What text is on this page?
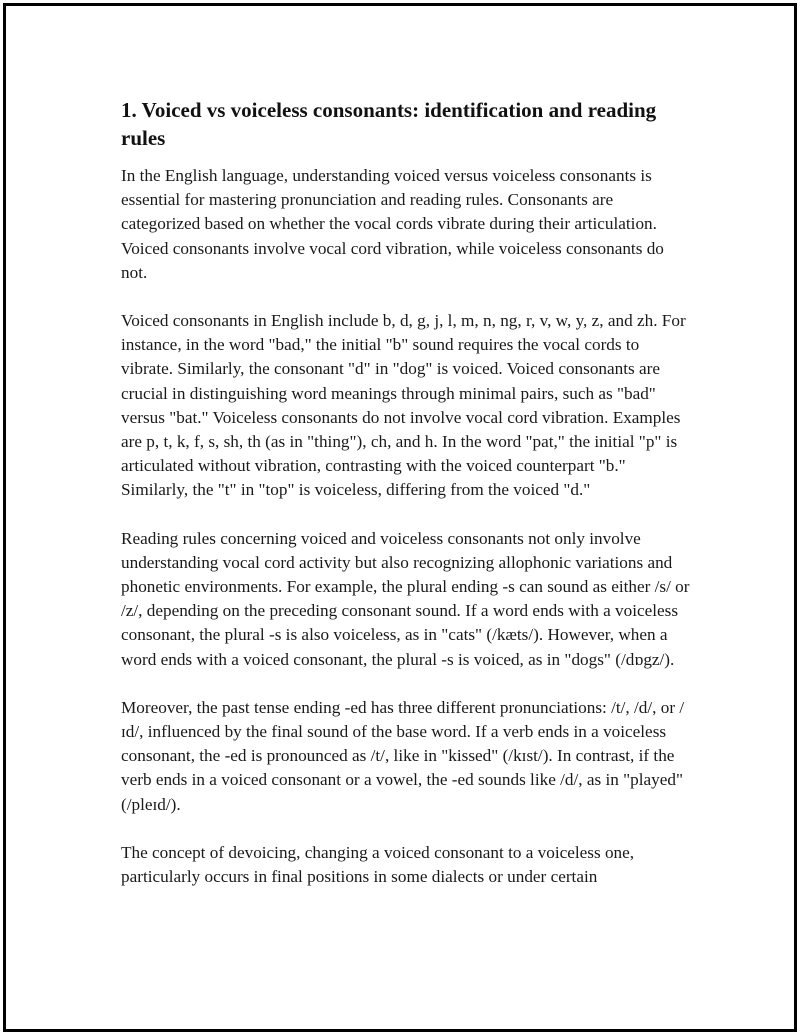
1. Voiced vs voiceless consonants: identification and reading rules

In the English language, understanding voiced versus voiceless consonants is essential for mastering pronunciation and reading rules. Consonants are categorized based on whether the vocal cords vibrate during their articulation. Voiced consonants involve vocal cord vibration, while voiceless consonants do not.

Voiced consonants in English include b, d, g, j, l, m, n, ng, r, v, w, y, z, and zh. For instance, in the word "bad," the initial "b" sound requires the vocal cords to vibrate. Similarly, the consonant "d" in "dog" is voiced. Voiced consonants are crucial in distinguishing word meanings through minimal pairs, such as "bad" versus "bat." Voiceless consonants do not involve vocal cord vibration. Examples are p, t, k, f, s, sh, th (as in "thing"), ch, and h. In the word "pat," the initial "p" is articulated without vibration, contrasting with the voiced counterpart "b." Similarly, the "t" in "top" is voiceless, differing from the voiced "d."

Reading rules concerning voiced and voiceless consonants not only involve understanding vocal cord activity but also recognizing allophonic variations and phonetic environments. For example, the plural ending -s can sound as either /s/ or /z/, depending on the preceding consonant sound. If a word ends with a voiceless consonant, the plural -s is also voiceless, as in "cats" (/kæts/). However, when a word ends with a voiced consonant, the plural -s is voiced, as in "dogs" (/dɒgz/).

Moreover, the past tense ending -ed has three different pronunciations: /t/, /d/, or /ɪd/, influenced by the final sound of the base word. If a verb ends in a voiceless consonant, the -ed is pronounced as /t/, like in "kissed" (/kɪst/). In contrast, if the verb ends in a voiced consonant or a vowel, the -ed sounds like /d/, as in "played" (/pleɪd/).

The concept of devoicing, changing a voiced consonant to a voiceless one, particularly occurs in final positions in some dialects or under certain
